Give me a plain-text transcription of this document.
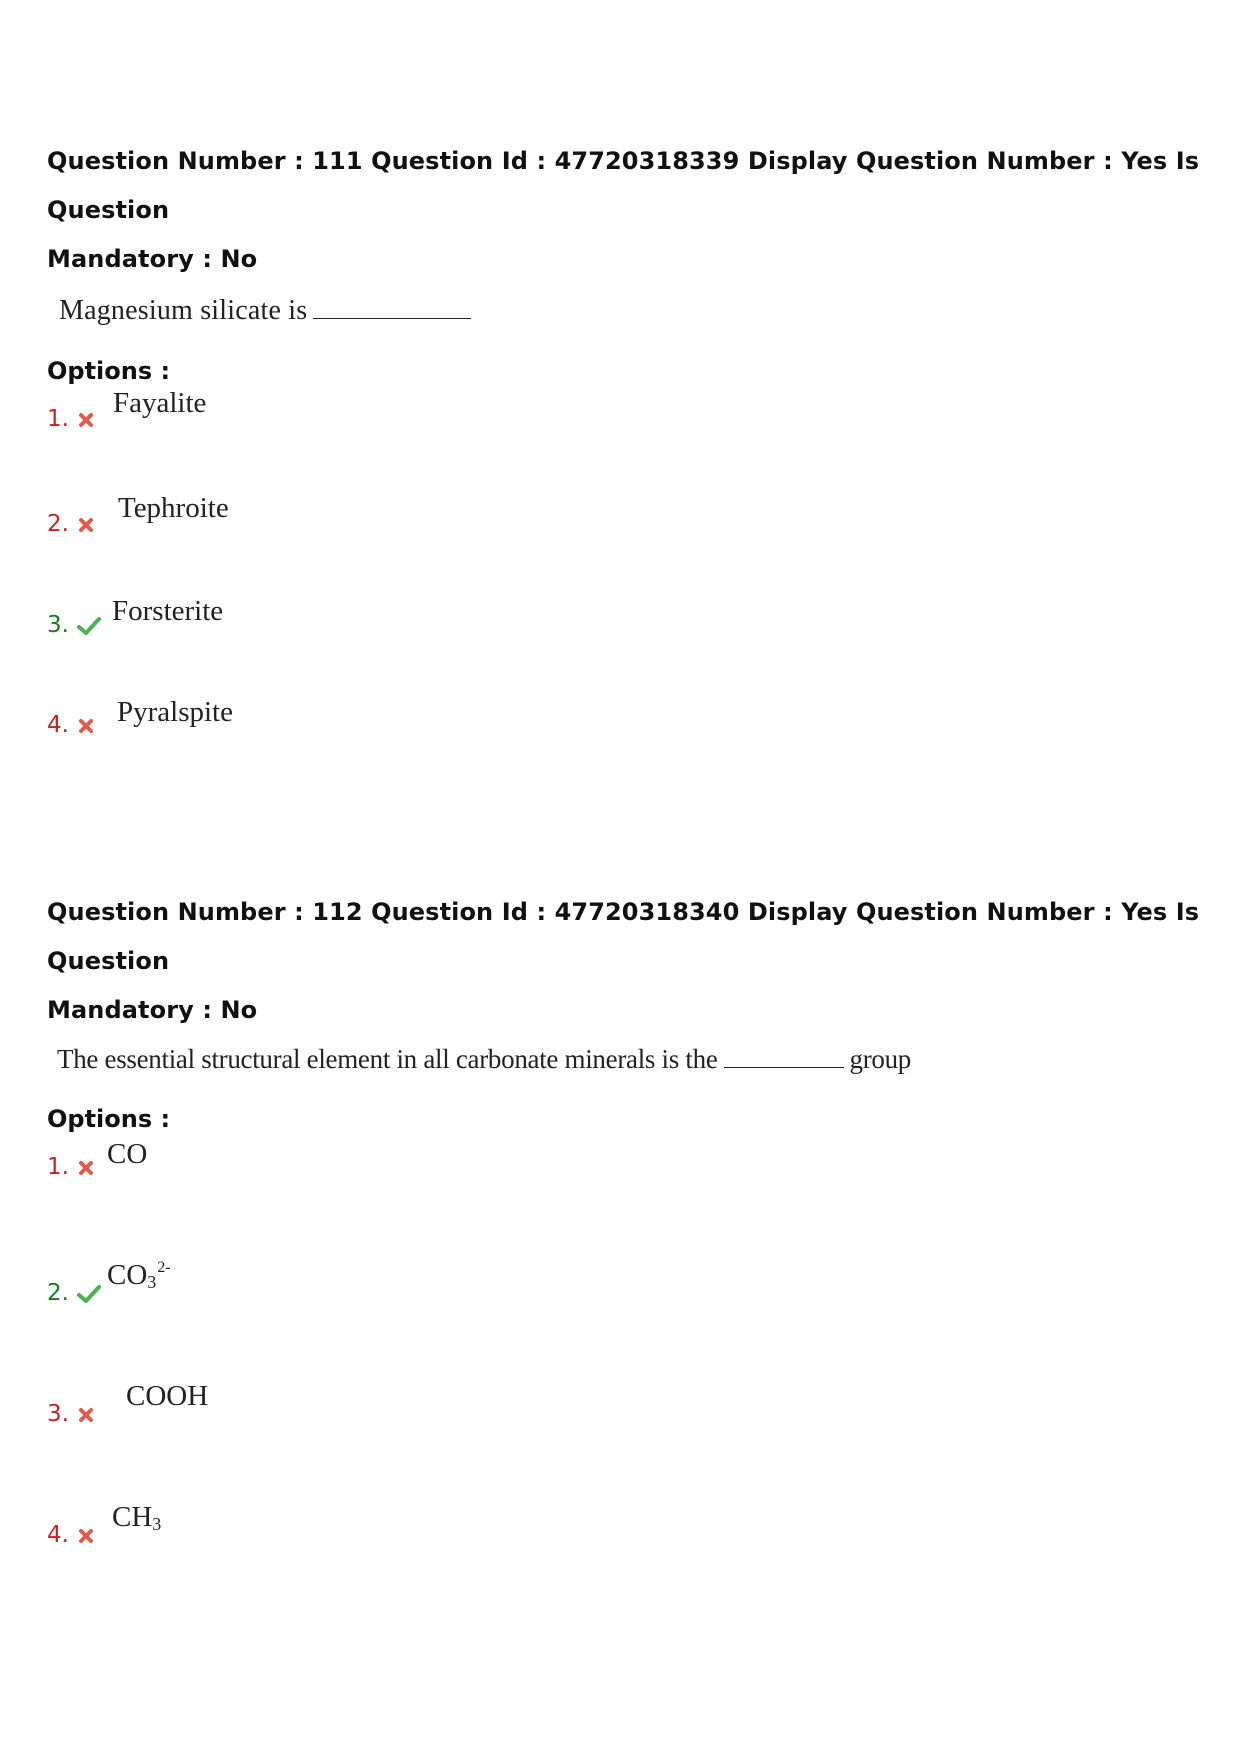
Question Number : 111 Question Id : 47720318339 Display Question Number : Yes Is Question
Mandatory : No
Magnesium silicate is
Options :
1. Fayalite
2. Tephroite
3. Forsterite
4. Pyralspite
Question Number : 112 Question Id : 47720318340 Display Question Number : Yes Is Question
Mandatory : No
The essential structural element in all carbonate minerals is the	group
Options :
1. CO
2.
$CO_3^{2-}$
3.
COOH
4.
$CH_3$
